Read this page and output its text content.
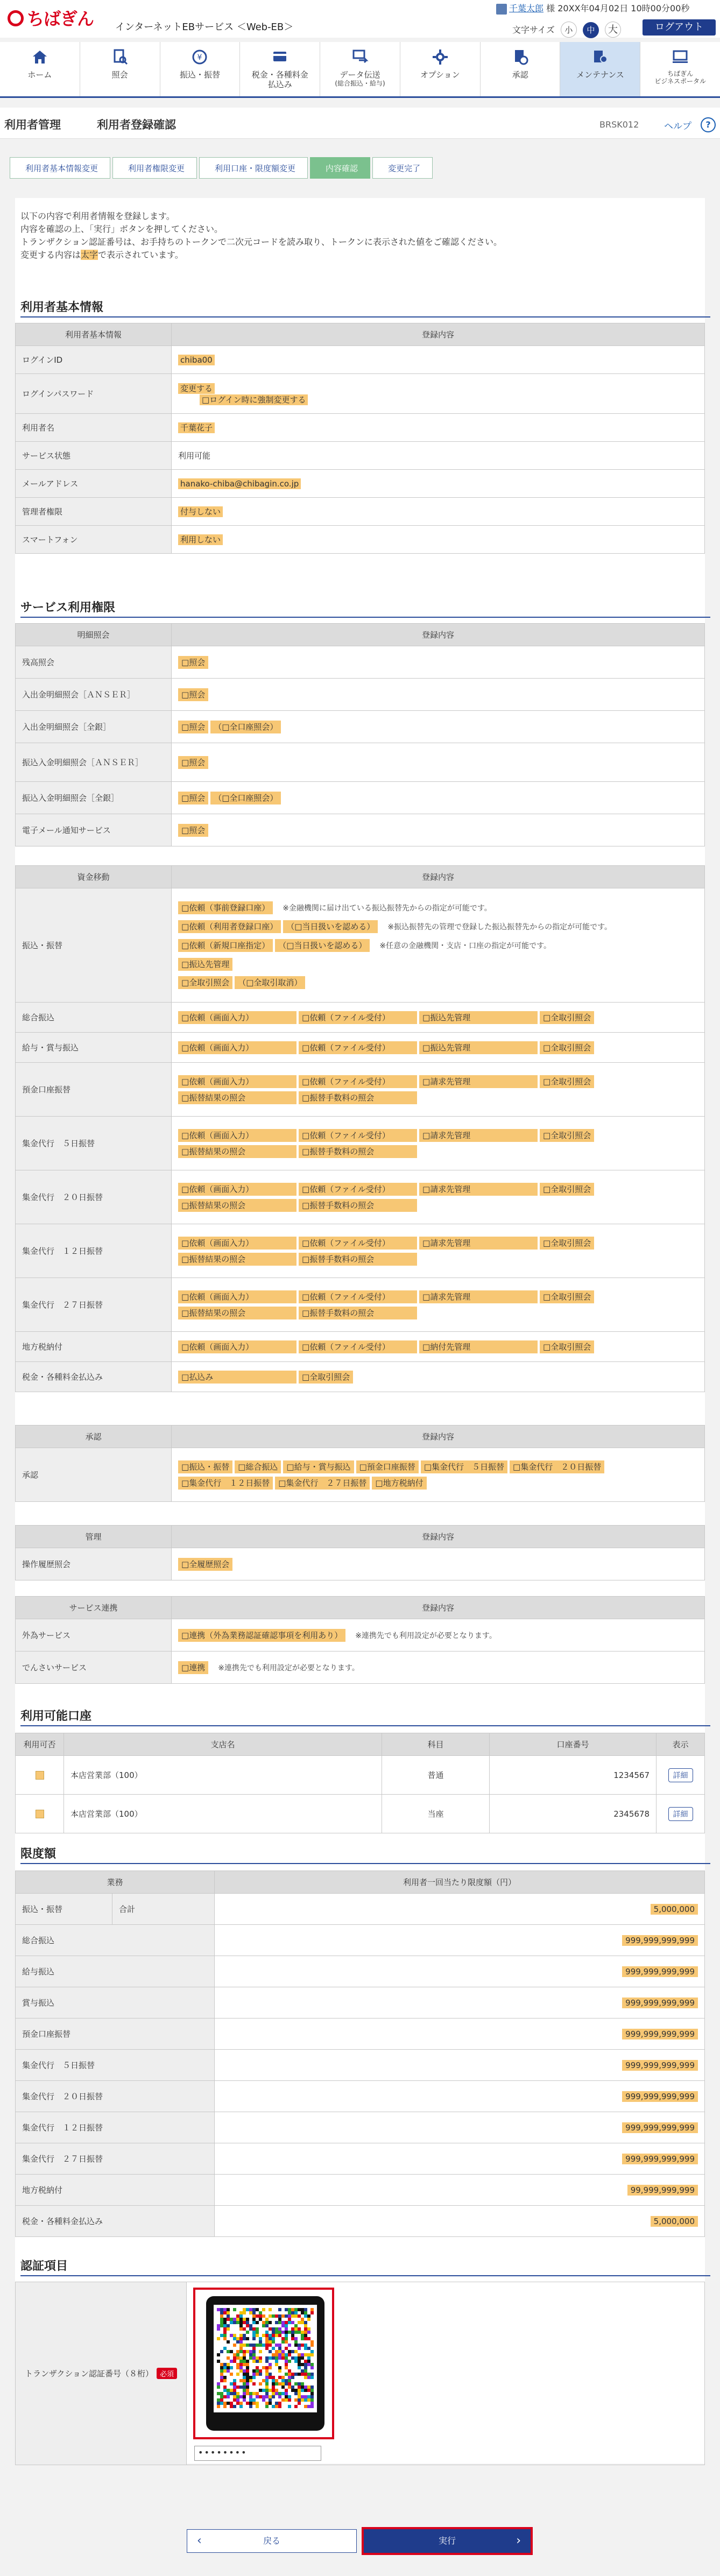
ちばぎん インターネットEBサービス ＜Web-EB＞
千葉太郎 様 20XX年04月02日 10時00分00秒
文字サイズ 小 中 大	ログアウト
ホーム	照会
¥
振込・振替	税金・各種料金
払込み
データ伝送
(総合振込・給与)
オプション	承認	メンテナンス	ちばぎん
ビジネスポータル
利用者管理	利用者登録確認	BRSK012	ヘルプ	?
利用者基本情報変更	利用者権限変更	利用口座・限度額変更	内容確認	変更完了
以下の内容で利用者情報を登録します。
内容を確認の上、「実行」ボタンを押してください。
トランザクション認証番号は、お手持ちのトークンで二次元コードを読み取り、トークンに表示された値をご確認ください。
変更する内容は太字で表示されています。
利用者基本情報
利用者基本情報	登録内容
ログインID	chiba00
ログインパスワード	変更する
□ログイン時に強制変更する

利用者名	千葉花子
サービス状態	利用可能
メールアドレス	hanako-chiba@chibagin.co.jp
管理者権限	付与しない
スマートフォン	利用しない
サービス利用権限
明細照会	登録内容
残高照会	□照会
入出金明細照会［ＡＮＳＥＲ］	□照会
入出金明細照会［全銀］	□照会 （□全口座照会）
振込入金明細照会［ＡＮＳＥＲ］	□照会
振込入金明細照会［全銀］	□照会 （□全口座照会）
電子メール通知サービス	□照会
資金移動	登録内容
振込・振替	□依頼（事前登録口座） ※金融機関に届け出ている振込振替先からの指定が可能です。
□依頼（利用者登録口座） （□当日扱いを認める） ※振込振替先の管理で登録した振込振替先からの指定が可能です。
□依頼（新規口座指定） （□当日扱いを認める） ※任意の金融機関・支店・口座の指定が可能です。
□振込先管理
□全取引照会 （□全取引取消）

総合振込	□依頼（画面入力） □依頼（ファイル受付） □振込先管理 □全取引照会
給与・賞与振込	□依頼（画面入力） □依頼（ファイル受付） □振込先管理 □全取引照会
預金口座振替	□依頼（画面入力） □依頼（ファイル受付） □請求先管理 □全取引照会
□振替結果の照会 □振替手数料の照会

集金代行　５日振替	□依頼（画面入力） □依頼（ファイル受付） □請求先管理 □全取引照会
□振替結果の照会 □振替手数料の照会

集金代行　２０日振替	□依頼（画面入力） □依頼（ファイル受付） □請求先管理 □全取引照会
□振替結果の照会 □振替手数料の照会

集金代行　１２日振替	□依頼（画面入力） □依頼（ファイル受付） □請求先管理 □全取引照会
□振替結果の照会 □振替手数料の照会

集金代行　２７日振替	□依頼（画面入力） □依頼（ファイル受付） □請求先管理 □全取引照会
□振替結果の照会 □振替手数料の照会

地方税納付	□依頼（画面入力） □依頼（ファイル受付） □納付先管理 □全取引照会
税金・各種料金払込み	□払込み □全取引照会
承認	登録内容
承認	□振込・振替 □総合振込 □給与・賞与振込 □預金口座振替 □集金代行　５日振替 □集金代行　２０日振替
□集金代行　１２日振替 □集金代行　２７日振替 □地方税納付
管理	登録内容
操作履歴照会	□全履歴照会
サービス連携	登録内容
外為サービス	□連携（外為業務認証確認事項を利用あり） ※連携先でも利用設定が必要となります。
でんさいサービス	□連携 ※連携先でも利用設定が必要となります。
利用可能口座
利用可否	支店名	科目	口座番号	表示
	本店営業部（100）	普通	1234567	詳細
	本店営業部（100）	当座	2345678	詳細
限度額
業務		利用者一回当たり限度額（円）
振込・振替	合計	5,000,000
総合振込		999,999,999,999
給与振込		999,999,999,999
賞与振込		999,999,999,999
預金口座振替		999,999,999,999
集金代行　５日振替		999,999,999,999
集金代行　２０日振替		999,999,999,999
集金代行　１２日振替		999,999,999,999
集金代行　２７日振替		999,999,999,999
地方税納付		99,999,999,999
税金・各種料金払込み		5,000,000
認証項目
トランザクション認証番号（８桁） 必須	
••••••••
‹	戻る	実行	›
